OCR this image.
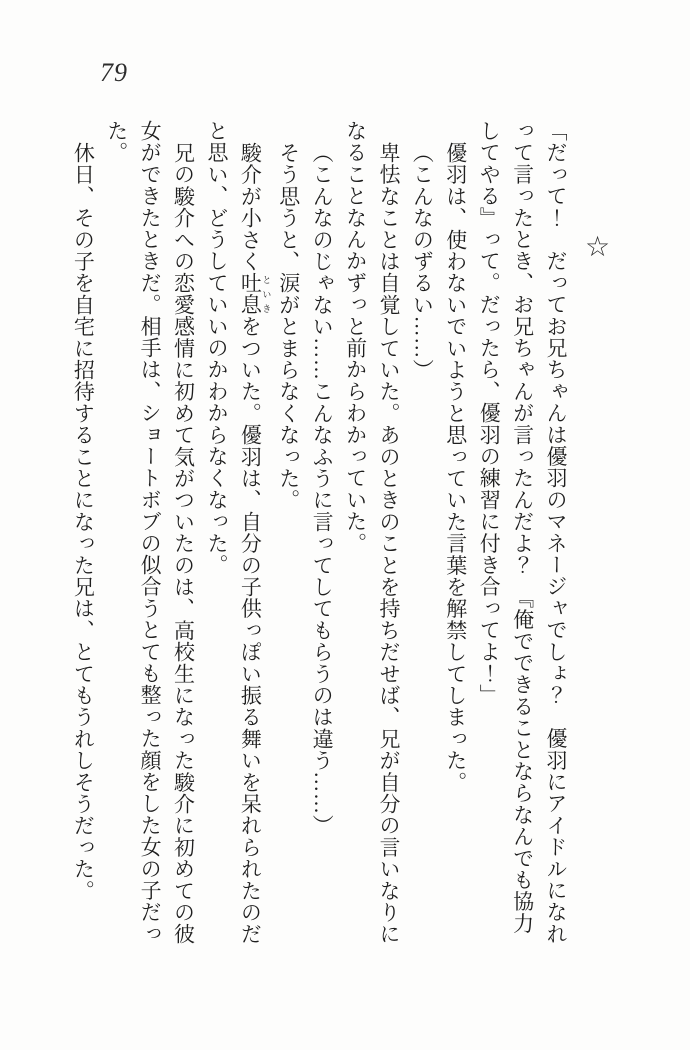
79
☆

「だって！　だってお兄ちゃんは優羽のマネージャでしょ？　優羽にアイドルになれって言ったとき、お兄ちゃんが言ったんだよ？　『俺でできることならなんでも協力してやる』って。だったら、優羽の練習に付き合ってよ！」

優羽は、使わないでいようと思っていた言葉を解禁してしまった。

（こんなのずるい……）

卑怯なことは自覚していた。あのときのことを持ちだせば、兄が自分の言いなりになることなんかずっと前からわかっていた。

（こんなのじゃない……こんなふうに言ってしてもらうのは違う……）

そう思うと、涙がとまらなくなった。

駿介が小さく吐息 といきをついた。優羽は、自分の子供っぽい振る舞いを呆れられたのだと思い、どうしていいのかわからなくなった。

兄の駿介への恋愛感情に初めて気がついたのは、高校生になった駿介に初めての彼女ができたときだ。相手は、ショートボブの似合うとても整った顔をした女の子だった。

休日、その子を自宅に招待することになった兄は、とてもうれしそうだった。
